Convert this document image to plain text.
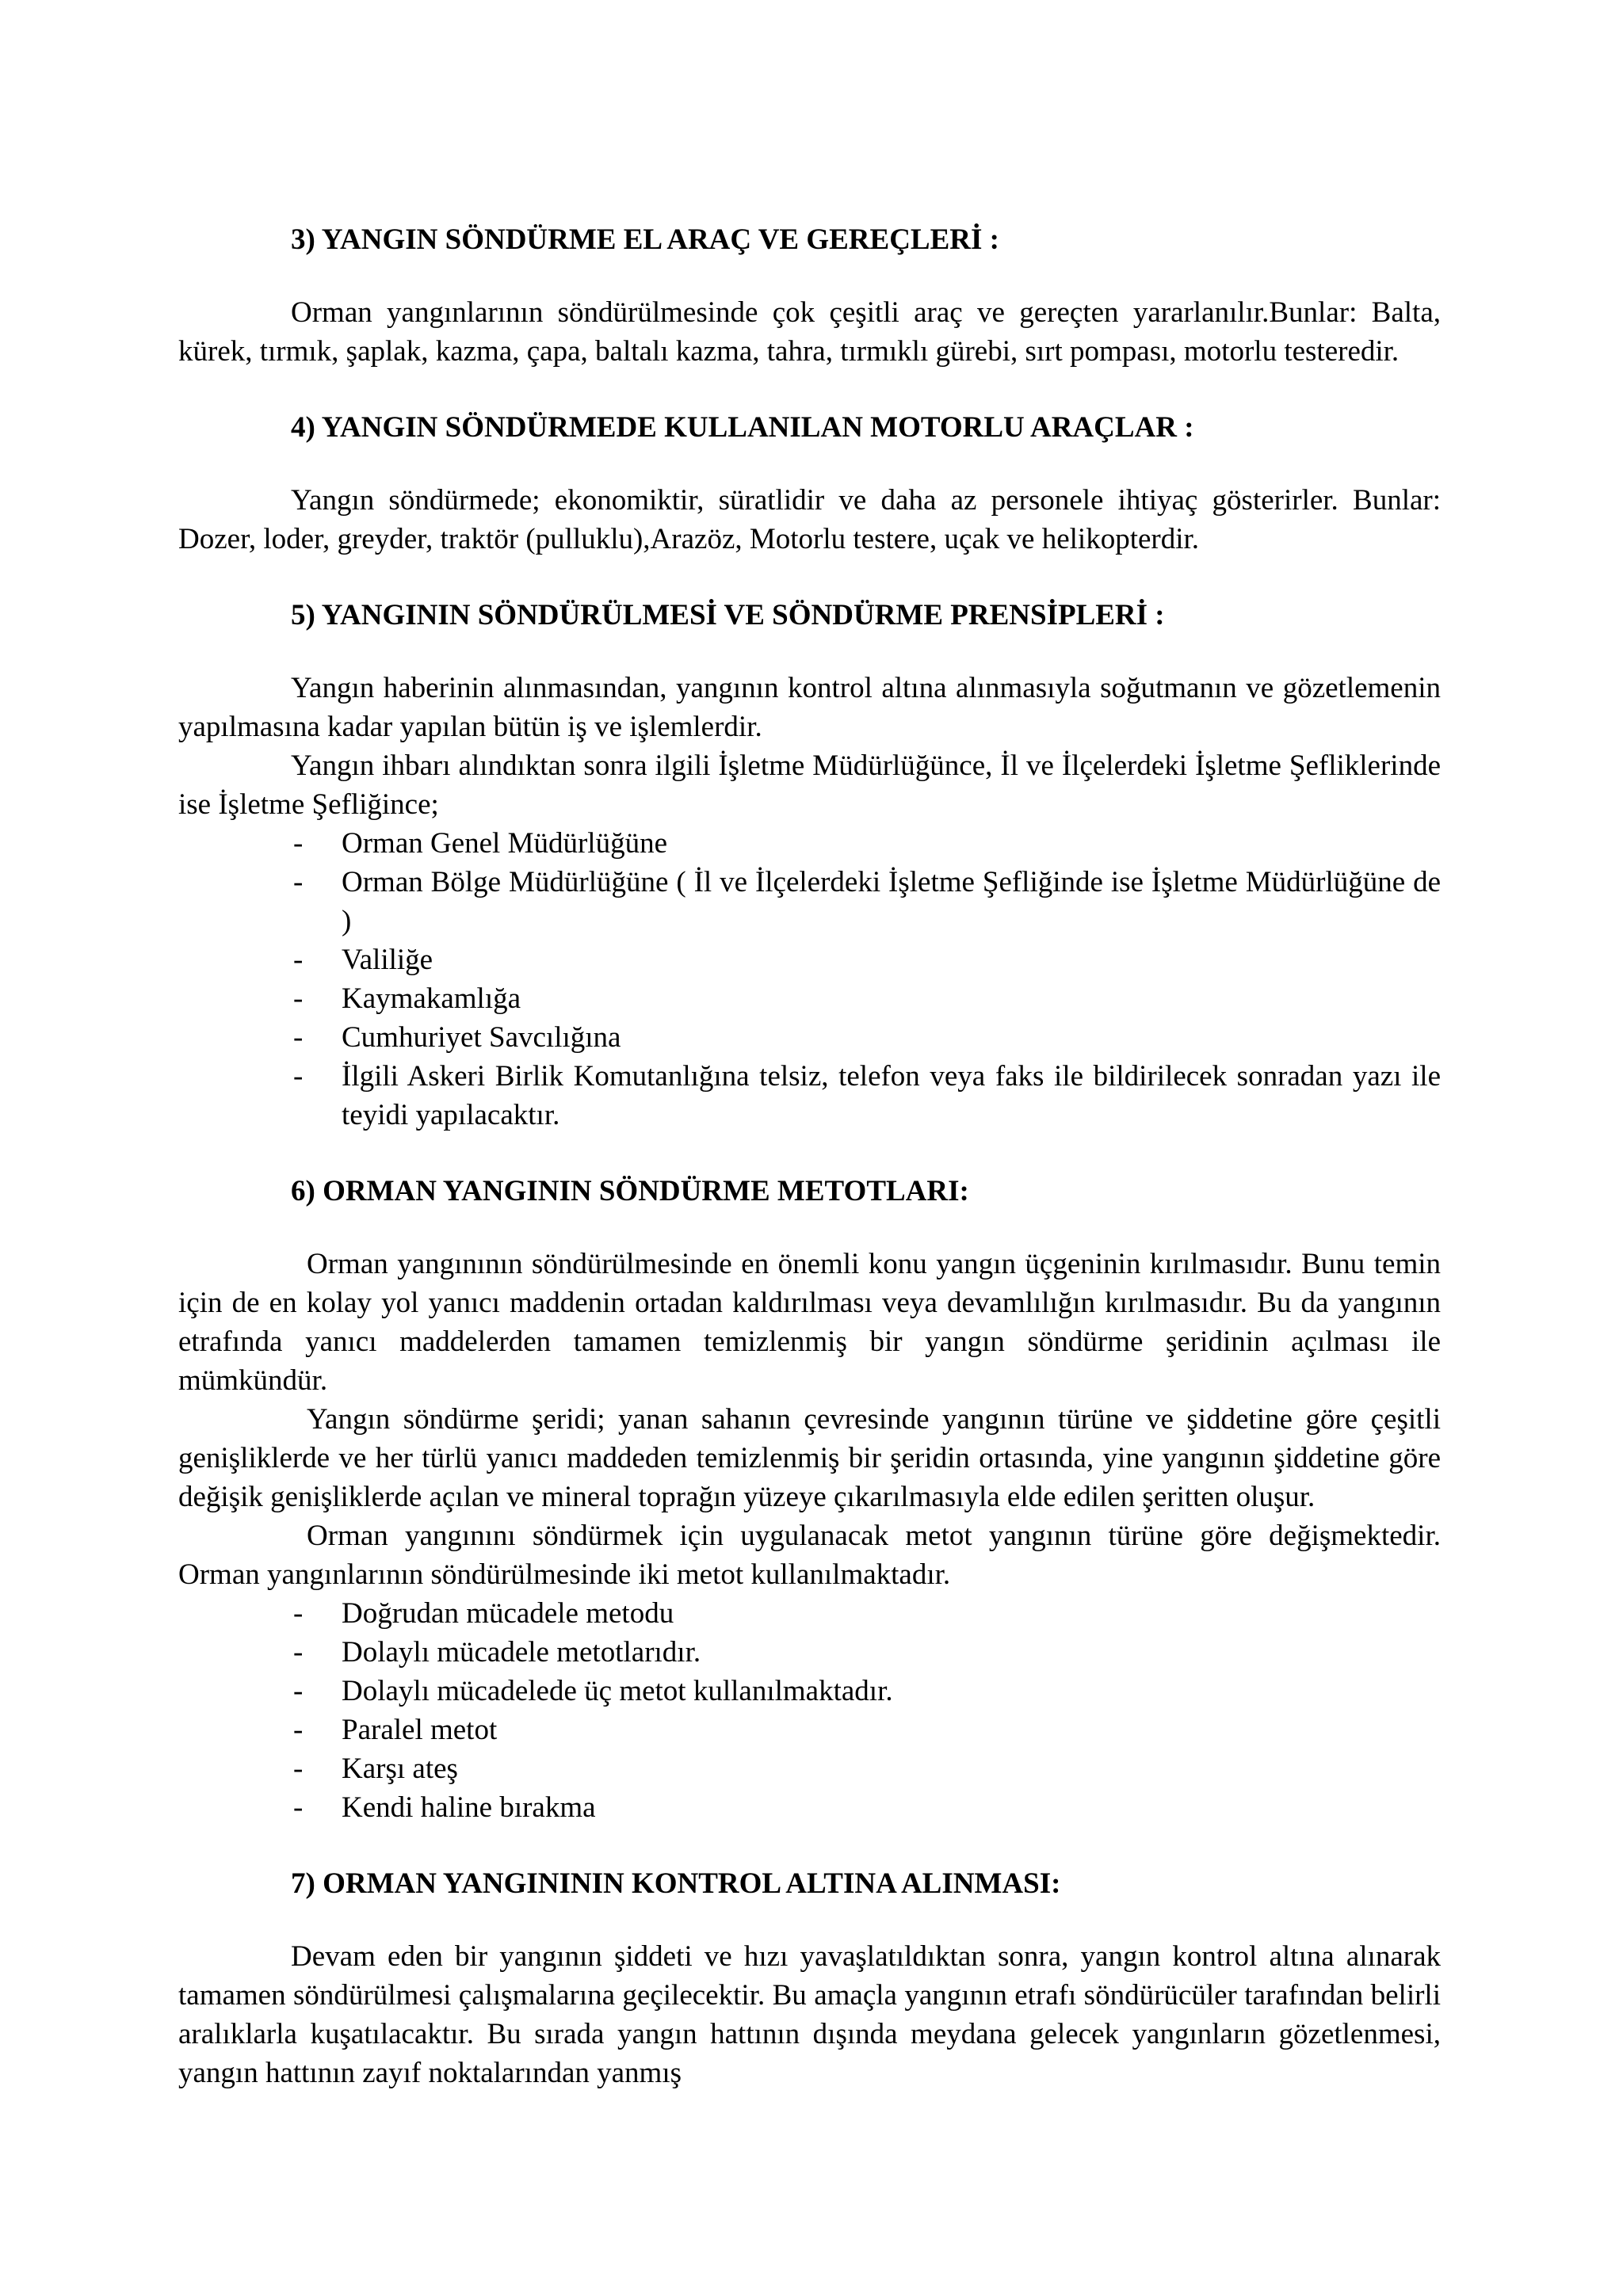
3) YANGIN SÖNDÜRME EL ARAÇ VE GEREÇLERİ :

Orman yangınlarının söndürülmesinde çok çeşitli araç ve gereçten yararlanılır.Bunlar: Balta, kürek, tırmık, şaplak, kazma, çapa, baltalı kazma, tahra, tırmıklı gürebi, sırt pompası, motorlu testeredir.

4) YANGIN SÖNDÜRMEDE KULLANILAN MOTORLU ARAÇLAR :

Yangın söndürmede; ekonomiktir, süratlidir ve daha az personele ihtiyaç gösterirler. Bunlar: Dozer, loder, greyder, traktör (pulluklu),Arazöz, Motorlu testere, uçak ve helikopterdir.

5) YANGININ SÖNDÜRÜLMESİ VE SÖNDÜRME PRENSİPLERİ :

Yangın haberinin alınmasından, yangının kontrol altına alınmasıyla soğutmanın ve gözetlemenin yapılmasına kadar yapılan bütün iş ve işlemlerdir.

Yangın ihbarı alındıktan sonra ilgili İşletme Müdürlüğünce, İl ve İlçelerdeki İşletme Şefliklerinde ise İşletme Şefliğince;

- Orman Genel Müdürlüğüne
- Orman Bölge Müdürlüğüne ( İl ve İlçelerdeki İşletme Şefliğinde ise İşletme Müdürlüğüne de )
- Valiliğe
- Kaymakamlığa
- Cumhuriyet Savcılığına
- İlgili Askeri Birlik Komutanlığına telsiz, telefon veya faks ile bildirilecek sonradan yazı ile teyidi yapılacaktır.

6) ORMAN YANGININ SÖNDÜRME METOTLARI:

Orman yangınının söndürülmesinde en önemli konu yangın üçgeninin kırılmasıdır. Bunu temin için de en kolay yol yanıcı maddenin ortadan kaldırılması veya devamlılığın kırılmasıdır. Bu da yangının etrafında yanıcı maddelerden tamamen temizlenmiş bir yangın söndürme şeridinin açılması ile mümkündür.

Yangın söndürme şeridi; yanan sahanın çevresinde yangının türüne ve şiddetine göre çeşitli genişliklerde ve her türlü yanıcı maddeden temizlenmiş bir şeridin ortasında, yine yangının şiddetine göre değişik genişliklerde açılan ve mineral toprağın yüzeye çıkarılmasıyla elde edilen şeritten oluşur.

Orman yangınını söndürmek için uygulanacak metot yangının türüne göre değişmektedir. Orman yangınlarının söndürülmesinde iki metot kullanılmaktadır.

- Doğrudan mücadele metodu
- Dolaylı mücadele metotlarıdır.
- Dolaylı mücadelede üç metot kullanılmaktadır.
- Paralel metot
- Karşı ateş
- Kendi haline bırakma

7) ORMAN YANGINININ KONTROL ALTINA ALINMASI:

Devam eden bir yangının şiddeti ve hızı yavaşlatıldıktan sonra, yangın kontrol altına alınarak tamamen söndürülmesi çalışmalarına geçilecektir. Bu amaçla yangının etrafı söndürücüler tarafından belirli aralıklarla kuşatılacaktır. Bu sırada yangın hattının dışında meydana gelecek yangınların gözetlenmesi, yangın hattının zayıf noktalarından yanmış
